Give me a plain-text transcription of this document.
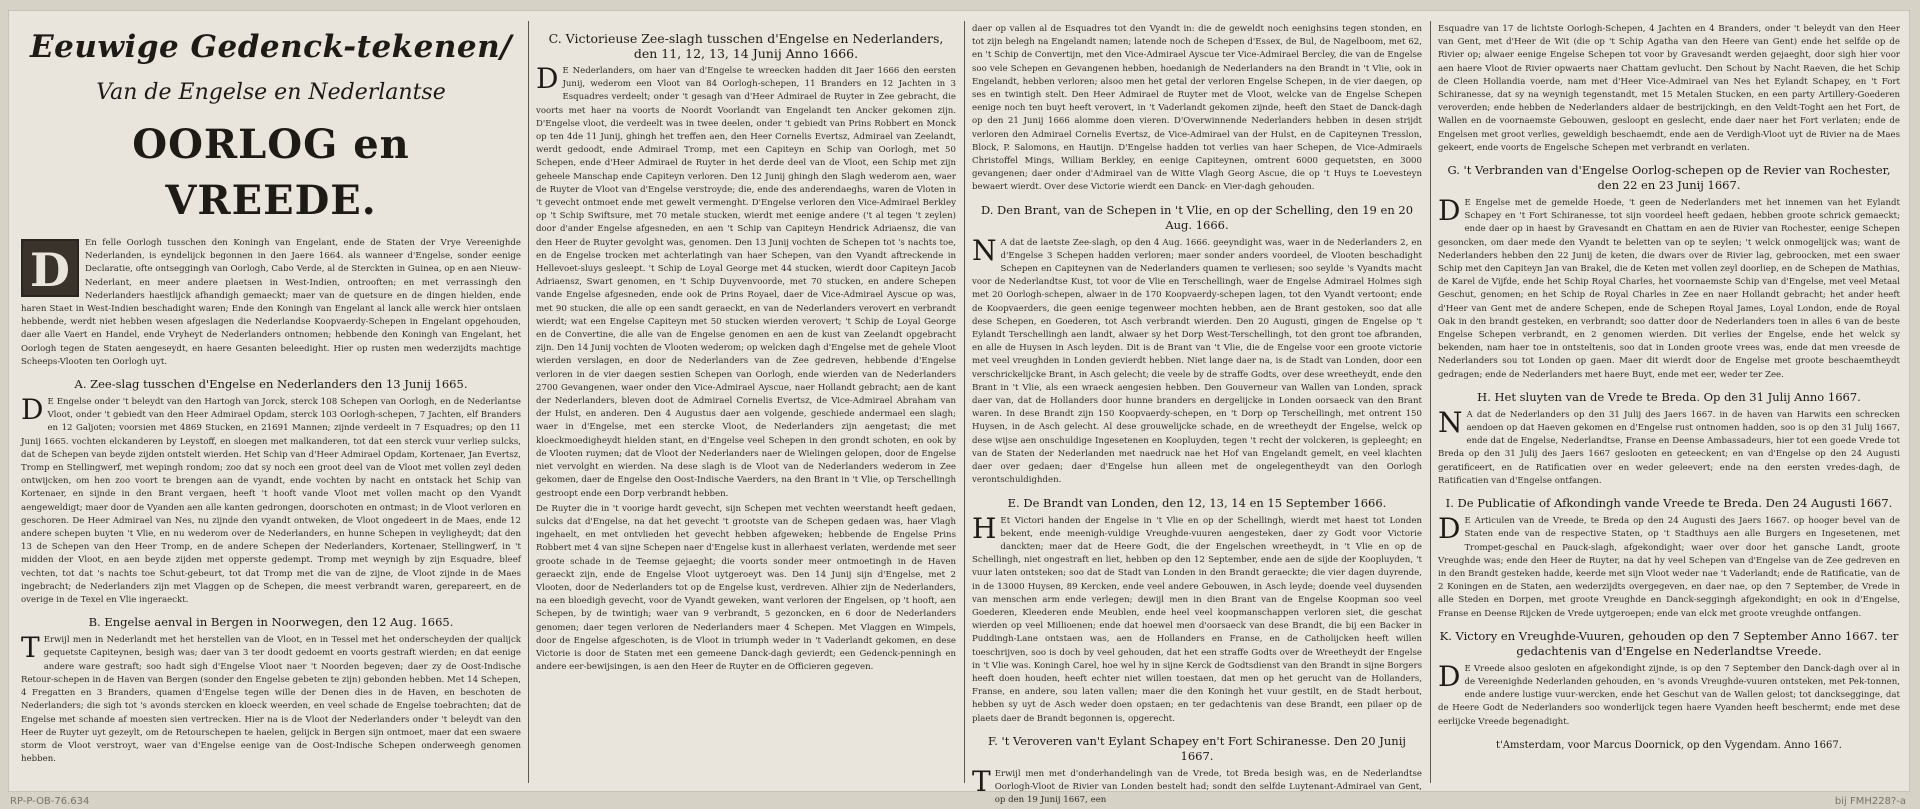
Eeuwige Gedenck-tekenen/
Van de Engelse en Nederlantse
OORLOG en VREEDE.
D	En felle Oorlogh tusschen den Koningh van Engelant, ende de Staten der Vrye Vereenighde Nederlanden, is eyndelijck begonnen in den Jaere 1664. als wanneer d'Engelse, sonder eenige Declaratie, ofte ontseggingh van Oorlogh, Cabo Verde, al de Sterckten in Guinea, op en aen Nieuw-Nederlant, en meer andere plaetsen in West-Indien, ontrooften; en met verrassingh den Nederlanders haestlijck afhandigh gemaeckt; maer van de quetsure en de dingen hielden, ende haren Staet in West-Indien beschadight waren; Ende den Koningh van Engelant al lanck alle werck hier ontslaen hebbende, werdt niet hebben wesen afgeslagen die Nederlandse Koopvaerdy-Schepen in Engelant opgehouden, daer alle Vaert en Handel, ende Vryheyt de Nederlanders ontnomen; hebbende den Koningh van Engelant, het Oorlogh tegen de Staten aengeseydt, en haere Gesanten beleedight. Hier op rusten men wederzijdts machtige Scheeps-Vlooten ten Oorlogh uyt.

A. Zee-slag tusschen d'Engelse en Nederlanders den 13 Junij 1665.
D E Engelse onder 't beleydt van den Hartogh van Jorck, sterck 108 Schepen van Oorlogh, en de Nederlantse Vloot, onder 't gebiedt van den Heer Admirael Opdam, sterck 103 Oorlogh-schepen, 7 Jachten, elf Branders en 12 Galjoten; voorsien met 4869 Stucken, en 21691 Mannen; zijnde verdeelt in 7 Esquadres; op den 11 Junij 1665. vochten elckanderen by Leystoff, en sloegen met malkanderen, tot dat een sterck vuur verliep sulcks, dat de Schepen van beyde zijden ontstelt wierden. Het Schip van d'Heer Admirael Opdam, Kortenaer, Jan Evertsz, Tromp en Stellingwerf, met wepingh rondom; zoo dat sy noch een groot deel van de Vloot met vollen zeyl deden ontwijcken, om hen zoo voort te brengen aan de vyandt, ende vochten by nacht en ontstack het Schip van Kortenaer, en sijnde in den Brant vergaen, heeft 't hooft vande Vloot met vollen macht op den Vyandt aengeweldigt; maer door de Vyanden aen alle kanten gedrongen, doorschoten en ontmast; in de Vloot verloren en geschoren. De Heer Admirael van Nes, nu zijnde den vyandt ontweken, de Vloot ongedeert in de Maes, ende 12 andere schepen buyten 't Vlie, en nu wederom over de Nederlanders, en hunne Schepen in veyligheydt; dat den 13 de Schepen van den Heer Tromp, en de andere Schepen der Nederlanders, Kortenaer, Stellingwerf, in 't midden der Vloot, en aen beyde zijden met opperste gedempt. Tromp met weynigh by zijn Esquadre, bleef vechten, tot dat 's nachts toe Schut-gebeurt, tot dat Tromp met die van de zijne, de Vloot zijnde in de Maes ingebracht; de Nederlanders zijn met Vlaggen op de Schepen, die meest verbrandt waren, gerepareert, en de overige in de Texel en Vlie ingeraeckt.

B. Engelse aenval in Bergen in Noorwegen, den 12 Aug. 1665.
T Erwijl men in Nederlandt met het herstellen van de Vloot, en in Tessel met het onderscheyden der qualijck gequetste Capiteynen, besigh was; daer van 3 ter doodt gedoemt en voorts gestraft wierden; en dat eenige andere ware gestraft; soo hadt sigh d'Engelse Vloot naer 't Noorden begeven; daer zy de Oost-Indische Retour-schepen in de Haven van Bergen (sonder den Engelse gebeten te zijn) gebonden hebben. Met 14 Schepen, 4 Fregatten en 3 Branders, quamen d'Engelse tegen wille der Denen dies in de Haven, en beschoten de Nederlanders; die sigh tot 's avonds stercken en kloeck weerden, en veel schade de Engelse toebrachten; dat de Engelse met schande af moesten sien vertrecken. Hier na is de Vloot der Nederlanders onder 't beleydt van den Heer de Ruyter uyt gezeylt, om de Retourschepen te haelen, gelijck in Bergen sijn ontmoet, maer dat een swaere storm de Vloot verstroyt, waer van d'Engelse eenige van de Oost-Indische Schepen onderweegh genomen hebben.

C. Victorieuse Zee-slagh tusschen d'Engelse en Nederlanders, den 11, 12, 13, 14 Junij Anno 1666.
D E Nederlanders, om haer van d'Engelse te wreecken hadden dit Jaer 1666 den eersten Junij, wederom een Vloot van 84 Oorlogh-schepen, 11 Branders en 12 Jachten in 3 Esquadres verdeelt; onder 't gesagh van d'Heer Admirael de Ruyter in Zee gebracht, die voorts met haer na voorts de Noordt Voorlandt van Engelandt ten Ancker gekomen zijn. D'Engelse vloot, die verdeelt was in twee deelen, onder 't gebiedt van Prins Robbert en Monck op ten 4de 11 Junij, ghingh het treffen aen, den Heer Cornelis Evertsz, Admirael van Zeelandt, werdt gedoodt, ende Admirael Tromp, met een Capiteyn en Schip van Oorlogh, met 50 Schepen, ende d'Heer Admirael de Ruyter in het derde deel van de Vloot, een Schip met zijn geheele Manschap ende Capiteyn verloren. Den 12 Junij ghingh den Slagh wederom aen, waer de Ruyter de Vloot van d'Engelse verstroyde; die, ende des anderendaeghs, waren de Vloten in 't gevecht ontmoet ende met gewelt vermenght. D'Engelse verloren den Vice-Admirael Berkley op 't Schip Swiftsure, met 70 metale stucken, wierdt met eenige andere ('t al tegen 't zeylen) door d'ander Engelse afgesneden, en aen 't Schip van Capiteyn Hendrick Adriaensz, die van den Heer de Ruyter gevolght was, genomen. Den 13 Junij vochten de Schepen tot 's nachts toe, en de Engelse trocken met achterlatingh van haer Schepen, van den Vyandt aftreckende in Hellevoet-sluys gesleept. 't Schip de Loyal George met 44 stucken, wierdt door Capiteyn Jacob Adriaensz, Swart genomen, en 't Schip Duyvenvoorde, met 70 stucken, en andere Schepen vande Engelse afgesneden, ende ook de Prins Royael, daer de Vice-Admirael Ayscue op was, met 90 stucken, die alle op een sandt geraeckt, en van de Nederlanders verovert en verbrandt wierdt; wat een Engelse Capiteyn met 50 stucken wierden verovert; 't Schip de Loyal George en de Convertine, die alle van de Engelse genomen en aen de kust van Zeelandt opgebracht zijn. Den 14 Junij vochten de Vlooten wederom; op welcken dagh d'Engelse met de gehele Vloot wierden verslagen, en door de Nederlanders van de Zee gedreven, hebbende d'Engelse verloren in de vier daegen sestien Schepen van Oorlogh, ende wierden van de Nederlanders 2700 Gevangenen, waer onder den Vice-Admirael Ayscue, naer Hollandt gebracht; aen de kant der Nederlanders, bleven doot de Admirael Cornelis Evertsz, de Vice-Admirael Abraham van der Hulst, en anderen. Den 4 Augustus daer aen volgende, geschiede andermael een slagh; waer in d'Engelse, met een stercke Vloot, de Nederlanders zijn aengetast; die met kloeckmoedigheydt hielden stant, en d'Engelse veel Schepen in den grondt schoten, en ook by de Vlooten ruymen; dat de Vloot der Nederlanders naer de Wielingen gelopen, door de Engelse niet vervolght en wierden. Na dese slagh is de Vloot van de Nederlanders wederom in Zee gekomen, daer de Engelse den Oost-Indische Vaerders, na den Brant in 't Vlie, op Terschellingh gestroopt ende een Dorp verbrandt hebben.

De Ruyter die in 't voorige hardt gevecht, sijn Schepen met vechten weerstandt heeft gedaen, sulcks dat d'Engelse, na dat het gevecht 't grootste van de Schepen gedaen was, haer Vlagh ingehaelt, en met ontvlieden het gevecht hebben afgeweken; hebbende de Engelse Prins Robbert met 4 van sijne Schepen naer d'Engelse kust in allerhaest verlaten, werdende met seer groote schade in de Teemse gejaeght; die voorts sonder meer ontmoetingh in de Haven geraeckt zijn, ende de Engelse Vloot uytgeroeyt was. Den 14 Junij sijn d'Engelse, met 2 Vlooten, door de Nederlanders tot op de Engelse kust, verdreven. Alhier zijn de Nederlanders, na een bloedigh gevecht, voor de Vyandt geweken, want verloren der Engelsen, op 't hooft, aen Schepen, by de twintigh; waer van 9 verbrandt, 5 gezoncken, en 6 door de Nederlanders genomen; daer tegen verloren de Nederlanders maer 4 Schepen. Met Vlaggen en Wimpels, door de Engelse afgeschoten, is de Vloot in triumph weder in 't Vaderlandt gekomen, en dese Victorie is door de Staten met een gemeene Danck-dagh gevierdt; een Gedenck-penningh en andere eer-bewijsingen, is aen den Heer de Ruyter en de Officieren gegeven.

daer op vallen al de Esquadres tot den Vyandt in: die de geweldt noch eenighsins tegen stonden, en tot zijn belegh na Engelandt namen; latende noch de Schepen d'Essex, de Bul, de Nagelboom, met 62, en 't Schip de Convertijn, met den Vice-Admirael Ayscue ter Vice-Admirael Bercley, die van de Engelse soo vele Schepen en Gevangenen hebben, hoedanigh de Nederlanders na den Brandt in 't Vlie, ook in Engelandt, hebben verloren; alsoo men het getal der verloren Engelse Schepen, in de vier daegen, op ses en twintigh stelt. Den Heer Admirael de Ruyter met de Vloot, welcke van de Engelse Schepen eenige noch ten buyt heeft verovert, in 't Vaderlandt gekomen zijnde, heeft den Staet de Danck-dagh op den 21 Junij 1666 alomme doen vieren. D'Overwinnende Nederlanders hebben in desen strijdt verloren den Admirael Cornelis Evertsz, de Vice-Admirael van der Hulst, en de Capiteynen Tresslon, Block, P. Salomons, en Hautijn. D'Engelse hadden tot verlies van haer Schepen, de Vice-Admiraels Christoffel Mings, William Berkley, en eenige Capiteynen, omtrent 6000 gequetsten, en 3000 gevangenen; daer onder d'Admirael van de Witte Vlagh Georg Ascue, die op 't Huys te Loevesteyn bewaert wierdt. Over dese Victorie wierdt een Danck- en Vier-dagh gehouden.

D. Den Brant, van de Schepen in 't Vlie, en op der Schelling, den 19 en 20 Aug. 1666.
N A dat de laetste Zee-slagh, op den 4 Aug. 1666. geeyndight was, waer in de Nederlanders 2, en d'Engelse 3 Schepen hadden verloren; maer sonder anders voordeel, de Vlooten beschadight Schepen en Capiteynen van de Nederlanders quamen te verliesen; soo seylde 's Vyandts macht voor de Nederlandtse Kust, tot voor de Vlie en Terschellingh, waer de Engelse Admirael Holmes sigh met 20 Oorlogh-schepen, alwaer in de 170 Koopvaerdy-schepen lagen, tot den Vyandt vertoont; ende de Koopvaerders, die geen eenige tegenweer mochten hebben, aen de Brant gestoken, soo dat alle dese Schepen, en Goederen, tot Asch verbrandt wierden. Den 20 Augusti, gingen de Engelse op 't Eylandt Terschellingh aen landt, alwaer sy het Dorp West-Terschellingh, tot den gront toe afbranden, en alle de Huysen in Asch leyden. Dit is de Brant van 't Vlie, die de Engelse voor een groote victorie met veel vreughden in Londen gevierdt hebben. Niet lange daer na, is de Stadt van Londen, door een verschrickelijcke Brant, in Asch gelecht; die veele by de straffe Godts, over dese wreetheydt, ende den Brant in 't Vlie, als een wraeck aengesien hebben. Den Gouverneur van Wallen van Londen, sprack daer van, dat de Hollanders door hunne branders en dergelijcke in Londen oorsaeck van den Brant waren. In dese Brandt zijn 150 Koopvaerdy-schepen, en 't Dorp op Terschellingh, met ontrent 150 Huysen, in de Asch gelecht. Al dese grouwelijcke schade, en de wreetheydt der Engelse, welck op dese wijse aen onschuldige Ingesetenen en Koopluyden, tegen 't recht der volckeren, is gepleeght; en van de Staten der Nederlanden met naedruck nae het Hof van Engelandt gemelt, en veel klachten daer over gedaen; daer d'Engelse hun alleen met de ongelegentheydt van den Oorlogh verontschuldighden.

E. De Brandt van Londen, den 12, 13, 14 en 15 September 1666.
H Et Victori handen der Engelse in 't Vlie en op der Schellingh, wierdt met haest tot Londen bekent, ende meenigh-vuldige Vreughde-vuuren aengesteken, daer zy Godt voor Victorie danckten; maer dat de Heere Godt, die der Engelschen wreetheydt, in 't Vlie en op de Schellingh, niet ongestraft en liet, hebben op den 12 September, ende aen de sijde der Koopluyden, 't vuur laten ontsteken; soo dat de Stadt van Londen in den Brandt geraeckte; die vier dagen duyrende, in de 13000 Huysen, 89 Kercken, ende veel andere Gebouwen, in Asch leyde; doende veel duysenden van menschen arm ende verlegen; dewijl men in dien Brant van de Engelse Koopman soo veel Goederen, Kleederen ende Meublen, ende heel veel koopmanschappen verloren siet, die geschat wierden op veel Millioenen; ende dat hoewel men d'oorsaeck van dese Brandt, die bij een Backer in Puddingh-Lane ontstaen was, aen de Hollanders en Franse, en de Catholijcken heeft willen toeschrijven, soo is doch by veel gehouden, dat het een straffe Godts over de Wreetheydt der Engelse in 't Vlie was. Koningh Carel, hoe wel hy in sijne Kerck de Godtsdienst van den Brandt in sijne Borgers heeft doen houden, heeft echter niet willen toestaen, dat men op het gerucht van de Hollanders, Franse, en andere, sou laten vallen; maer die den Koningh het vuur gestilt, en de Stadt herbout, hebben sy uyt de Asch weder doen opstaen; en ter gedachtenis van dese Brandt, een pilaer op de plaets daer de Brandt begonnen is, opgerecht.

F. 't Veroveren van't Eylant Schapey en't Fort Schiranesse. Den 20 Junij 1667.
T Erwijl men met d'onderhandelingh van de Vrede, tot Breda besigh was, en de Nederlandtse Oorlogh-Vloot de Rivier van Londen bestelt had; sondt den selfde Luytenant-Admirael van Gent, op den 19 Junij 1667, een

Esquadre van 17 de lichtste Oorlogh-Schepen, 4 Jachten en 4 Branders, onder 't beleydt van den Heer van Gent, met d'Heer de Wit (die op 't Schip Agatha van den Heere van Gent) ende het selfde op de Rivier op; alwaer eenige Engelse Schepen tot voor by Gravesandt werden gejaeght, door sigh hier voor aen haere Vloot de Rivier opwaerts naer Chattam gevlucht. Den Schout by Nacht Raeven, die het Schip de Cleen Hollandia voerde, nam met d'Heer Vice-Admirael van Nes het Eylandt Schapey, en 't Fort Schiranesse, dat sy na weynigh tegenstandt, met 15 Metalen Stucken, en een party Artillery-Goederen veroverden; ende hebben de Nederlanders aldaer de bestrijckingh, en den Veldt-Toght aen het Fort, de Wallen en de voornaemste Gebouwen, gesloopt en geslecht, ende daer naer het Fort verlaten; ende de Engelsen met groot verlies, geweldigh beschaemdt, ende aen de Verdigh-Vloot uyt de Rivier na de Maes gekeert, ende voorts de Engelsche Schepen met verbrandt en verlaten.

G. 't Verbranden van d'Engelse Oorlog-schepen op de Revier van Rochester, den 22 en 23 Junij 1667.
D E Engelse met de gemelde Hoede, 't geen de Nederlanders met het innemen van het Eylandt Schapey en 't Fort Schiranesse, tot sijn voordeel heeft gedaen, hebben groote schrick gemaeckt; ende daer op in haest by Gravesandt en Chattam en aen de Rivier van Rochester, eenige Schepen gesoncken, om daer mede den Vyandt te beletten van op te seylen; 't welck onmogelijck was; want de Nederlanders hebben den 22 Junij de keten, die dwars over de Rivier lag, gebroocken, met een swaer Schip met den Capiteyn Jan van Brakel, die de Keten met vollen zeyl doorliep, en de Schepen de Mathias, de Karel de Vijfde, ende het Schip Royal Charles, het voornaemste Schip van d'Engelse, met veel Metaal Geschut, genomen; en het Schip de Royal Charles in Zee en naer Hollandt gebracht; het ander heeft d'Heer van Gent met de andere Schepen, ende de Schepen Royal James, Loyal London, ende de Royal Oak in den brandt gesteken, en verbrandt; soo datter door de Nederlanders toen in alles 6 van de beste Engelse Schepen verbrandt, en 2 genomen wierden. Dit verlies der Engelse, ende het welck sy bekenden, nam haer toe in ontsteltenis, soo dat in Londen groote vrees was, ende dat men vreesde de Nederlanders sou tot Londen op gaen. Maer dit wierdt door de Engelse met groote beschaemtheydt gedragen; ende de Nederlanders met haere Buyt, ende met eer, weder ter Zee.

H. Het sluyten van de Vrede te Breda. Op den 31 Julij Anno 1667.
N A dat de Nederlanders op den 31 Julij des Jaers 1667. in de haven van Harwits een schrecken aendoen op dat Haeven gekomen en d'Engelse rust ontnomen hadden, soo is op den 31 Julij 1667, ende dat de Engelse, Nederlandtse, Franse en Deense Ambassadeurs, hier tot een goede Vrede tot Breda op den 31 Julij des Jaers 1667 geslooten en geteeckent; en van d'Engelse op den 24 Augusti geratificeert, en de Ratificatien over en weder geleevert; ende na den eersten vredes-dagh, de Ratificatien van d'Engelse ontfangen.

I. De Publicatie of Afkondingh vande Vreede te Breda. Den 24 Augusti 1667.
D E Articulen van de Vreede, te Breda op den 24 Augusti des Jaers 1667. op hooger bevel van de Staten ende van de respective Staten, op 't Stadthuys aen alle Burgers en Ingesetenen, met Trompet-geschal en Pauck-slagh, afgekondight; waer over door het gansche Landt, groote Vreughde was; ende den Heer de Ruyter, na dat hy veel Schepen van d'Engelse van de Zee gedreven en in den Brandt gesteken hadde, keerde met sijn Vloot weder nae 't Vaderlandt; ende de Ratificatie, van de 2 Koningen en de Staten, aen wederzijdts overgegeven, en daer nae, op den 7 September, de Vrede in alle Steden en Dorpen, met groote Vreughde en Danck-seggingh afgekondight; en ook in d'Engelse, Franse en Deense Rijcken de Vrede uytgeroepen; ende van elck met groote vreughde ontfangen.

K. Victory en Vreughde-Vuuren, gehouden op den 7 September Anno 1667. ter gedachtenis van d'Engelse en Nederlandtse Vreede.
D E Vreede alsoo gesloten en afgekondight zijnde, is op den 7 September den Danck-dagh over al in de Vereenighde Nederlanden gehouden, en 's avonds Vreughde-vuuren ontsteken, met Pek-tonnen, ende andere lustige vuur-wercken, ende het Geschut van de Wallen gelost; tot dancksegginge, dat de Heere Godt de Nederlanders soo wonderlijck tegen haere Vyanden heeft beschermt; ende met dese eerlijcke Vreede begenadight.

t'Amsterdam, voor Marcus Doornick, op den Vygendam. Anno 1667.
RP-P-OB-76.634	bij FMH228?-a
